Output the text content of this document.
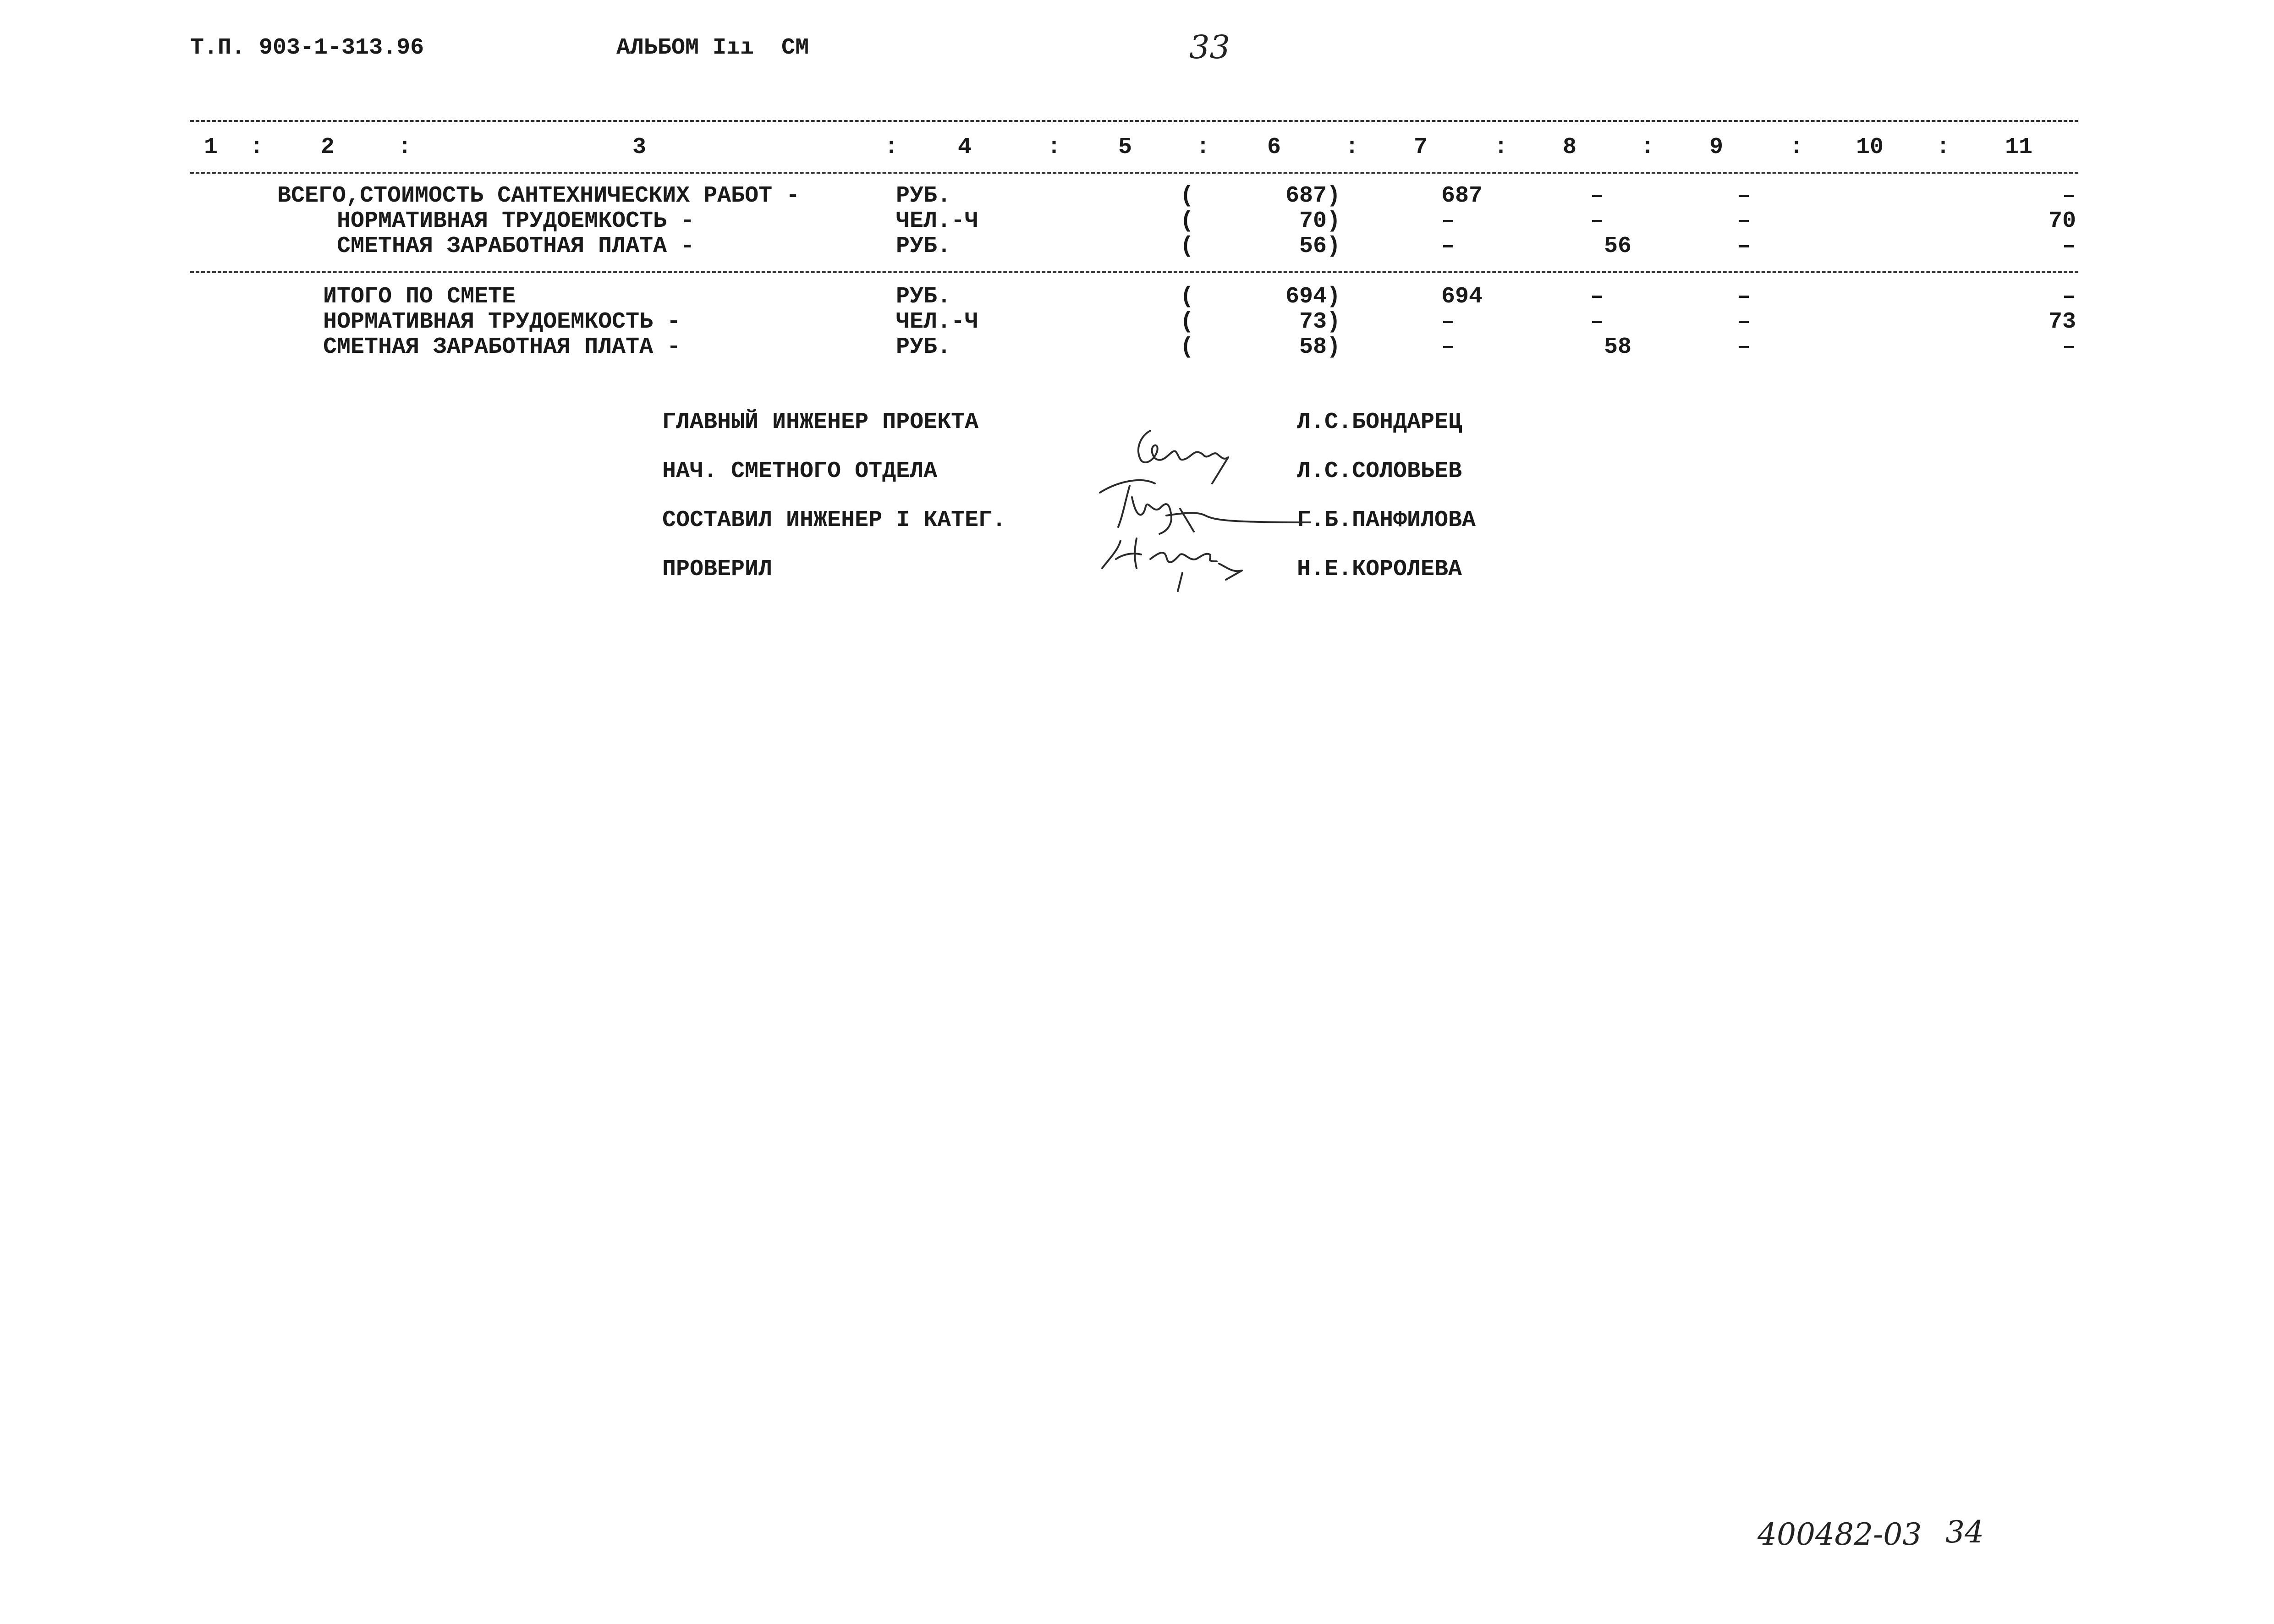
Т.П. 903-1-313.96	АЛЬБОМ Iıı  СМ	33
1 : 2	:	3	:	4	: 5	: 6	: 7	: 8	: 9	: 10 : 11
ВСЕГО,СТОИМОСТЬ САНТЕХНИЧЕСКИХ РАБОТ -	РУБ.	(	687)	687	–	–	–
НОРМАТИВНАЯ ТРУДОЕМКОСТЬ -	ЧЕЛ.-Ч	(	70)	–	–	–	70
СМЕТНАЯ ЗАРАБОТНАЯ ПЛАТА -	РУБ.	(	56)	–	56	–	–
ИТОГО ПО СМЕТЕ	РУБ.	(	694)	694	–	–	–
НОРМАТИВНАЯ ТРУДОЕМКОСТЬ -	ЧЕЛ.-Ч	(	73)	–	–	–	73
СМЕТНАЯ ЗАРАБОТНАЯ ПЛАТА -	РУБ.	(	58)	–	58	–	–
ГЛАВНЫЙ ИНЖЕНЕР ПРОЕКТА	Л.С.БОНДАРЕЦ
НАЧ. СМЕТНОГО ОТДЕЛА	Л.С.СОЛОВЬЕВ
СОСТАВИЛ ИНЖЕНЕР I КАТЕГ.	Г.Б.ПАНФИЛОВА
ПРОВЕРИЛ	Н.Е.КОРОЛЕВА
400482-03 34
